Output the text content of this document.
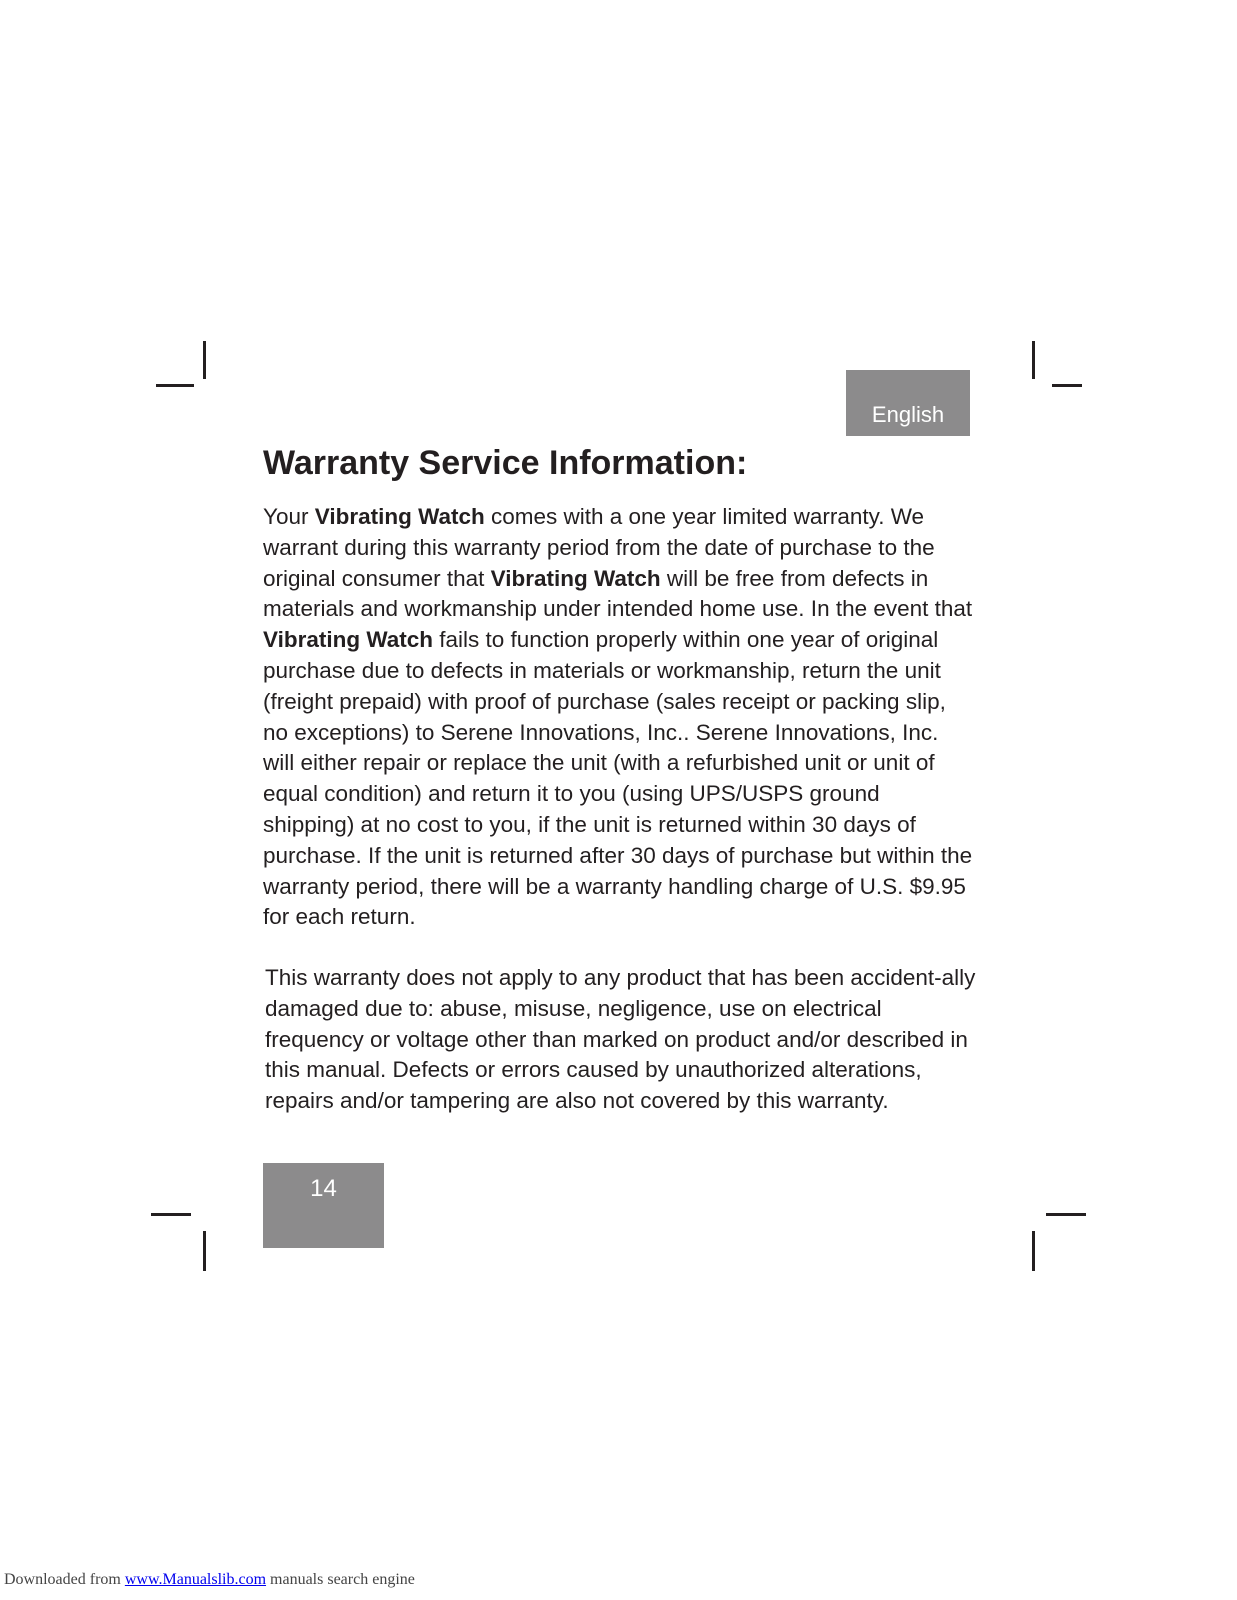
English
Warranty Service Information:

Your Vibrating Watch comes with a one year limited warranty. We warrant during this warranty period from the date of purchase to the original consumer that Vibrating Watch will be free from defects in materials and workmanship under intended home use. In the event that Vibrating Watch fails to function properly within one year of original purchase due to defects in materials or workmanship, return the unit (freight prepaid) with proof of purchase (sales receipt or packing slip, no exceptions) to Serene Innovations, Inc.. Serene Innovations, Inc. will either repair or replace the unit (with a refurbished unit or unit of equal condition) and return it to you (using UPS/USPS ground shipping) at no cost to you, if the unit is returned within 30 days of purchase. If the unit is returned after 30 days of purchase but within the warranty period, there will be a warranty handling charge of U.S. $9.95 for each return.

This warranty does not apply to any product that has been accident-ally damaged due to: abuse, misuse, negligence, use on electrical frequency or voltage other than marked on product and/or described in this manual. Defects or errors caused by unauthorized alterations, repairs and/or tampering are also not covered by this warranty.

14
Downloaded from www.Manualslib.com manuals search engine
